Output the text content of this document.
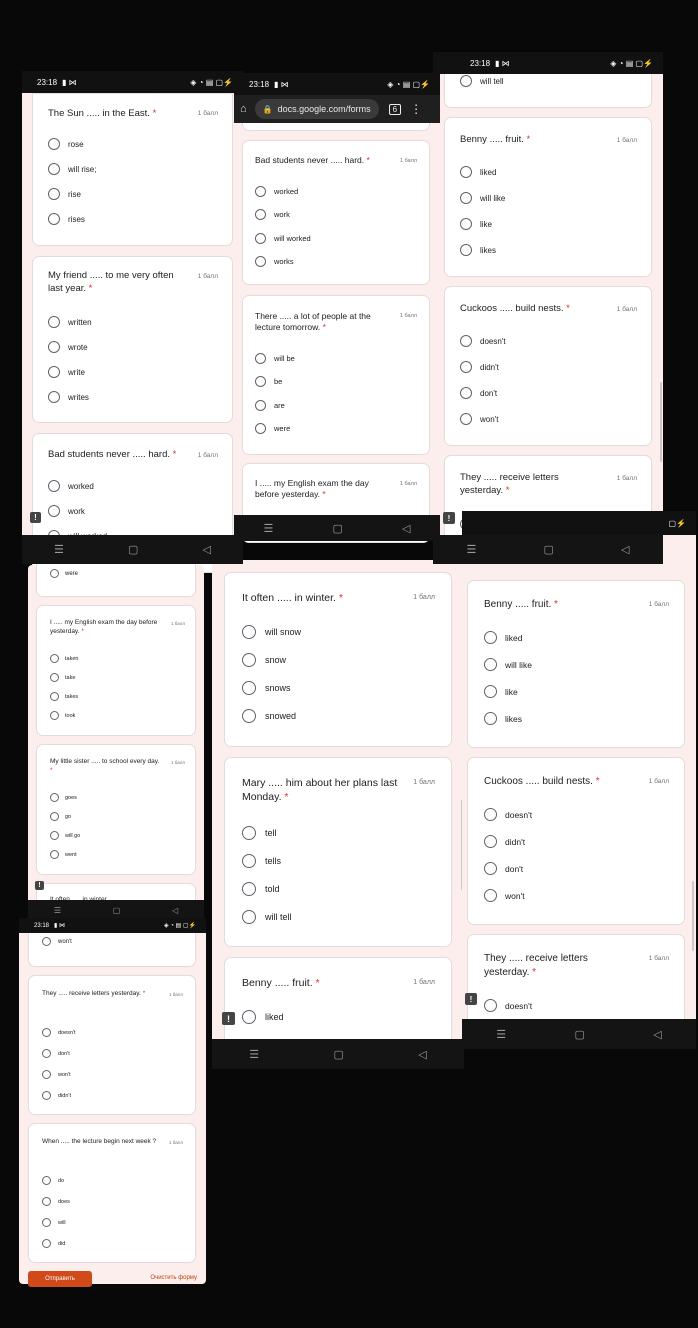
23:18 ▮ ⋈	◈ ◔ ▤ ▢⚡
The Sun ..... in the East. *	1 балл
rose
will rise;
rise
rises
My friend ..... to me very often last year. *
1 балл
written
wrote
write
writes
Bad students never ..... hard. *	1 балл
worked
work
!
☰	▢	◁
23:18 ▮ ⋈	◈ ◔ ▤ ▢⚡
⌂ 🔒 docs.google.com/forms	6	⋮
Bad students never ..... hard. *	1 балл
worked
work
will worked
works
There ..... a lot of people at the lecture tomorrow. *
1 балл
will be
be
are
were
I ..... my English exam the day before yesterday. *
1 балл
☰	▢	◁
23:18 ▮ ⋈	◈ ◔ ▤ ▢⚡
will tell
Benny ..... fruit. *	1 балл
liked
will like
like
likes
Cuckoos ..... build nests. *	1 балл
doesn't
didn't
don't
won't
They ..... receive letters yesterday. *
1 балл
!
☰	▢	◁
were
I ..... my English exam the day before yesterday. *
1 балл
taken
take
takes
took
My little sister ..... to school every day. *
1 балл
goes
go
will go
went
!
☰	▢	◁
It often ..... in winter. *	1 балл
will snow
snow
snows
snowed
Mary ..... him about her plans last Monday. *
1 балл
tell
tells
told
will tell
Benny ..... fruit. *	1 балл
liked
!
☰	▢	◁
▢⚡
Benny ..... fruit. *	1 балл
liked
will like
like
likes
Cuckoos ..... build nests. *	1 балл
doesn't
didn't
don't
won't
They ..... receive letters yesterday. *
1 балл
doesn't
!
☰	▢	◁
23:18 ▮ ⋈	◈ ◔ ▤ ▢⚡
won't
They ..... receive letters yesterday. *	1 балл
doesn't
don't
won't
didn't
When ..... the lecture begin next week ?	1 балл
do
does
will
did
Отправить	Очистить форму
